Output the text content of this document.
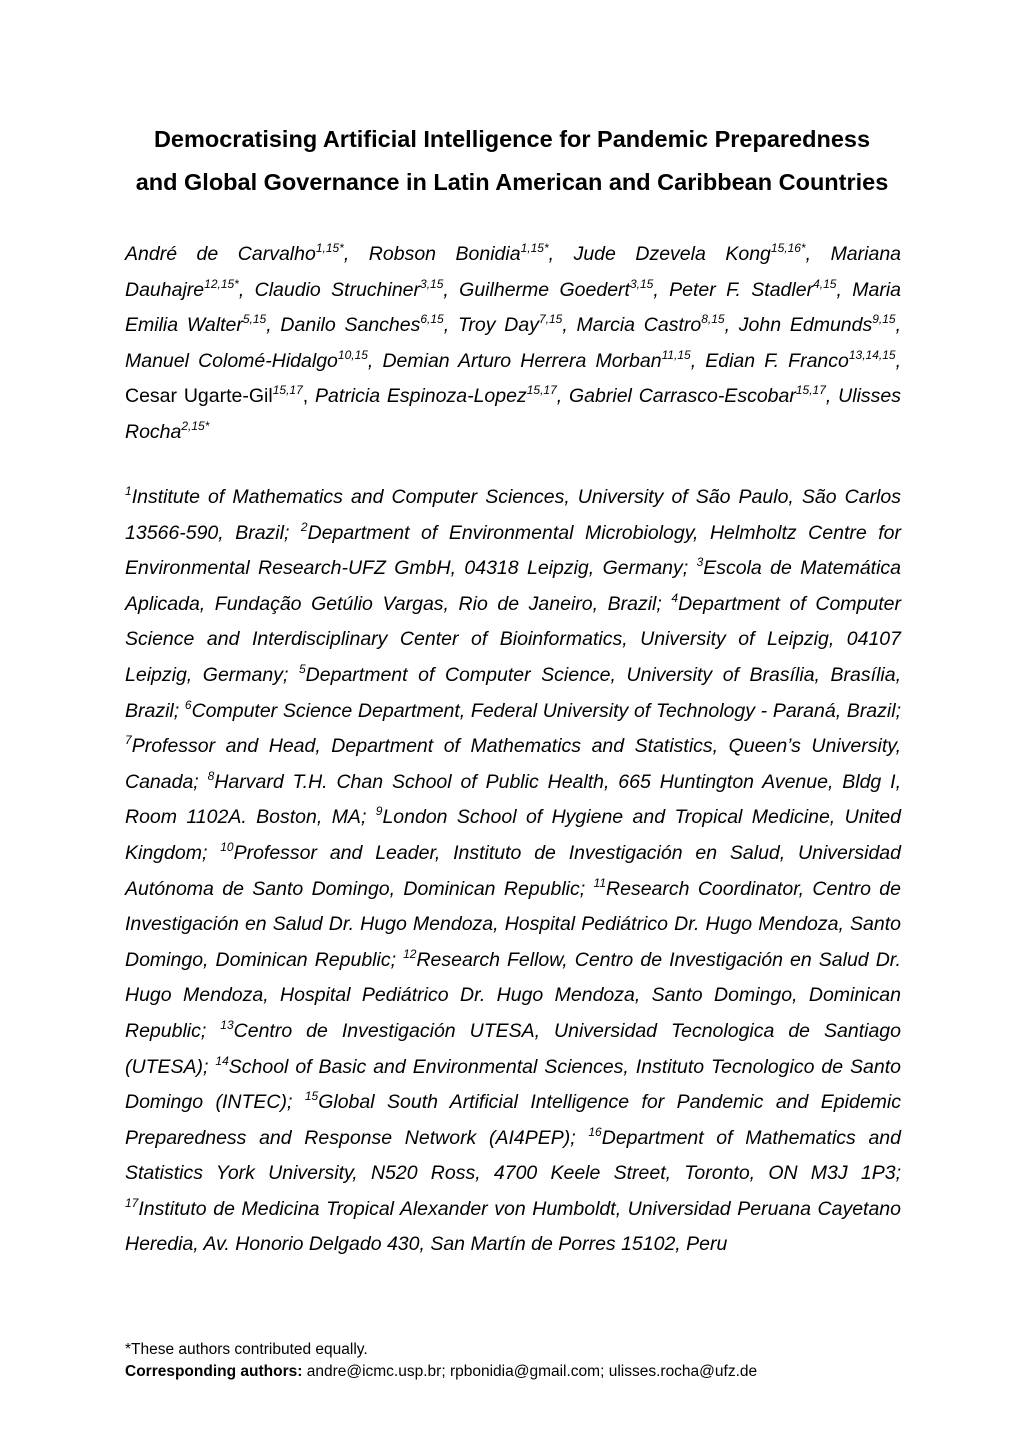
Democratising Artificial Intelligence for Pandemic Preparedness
and Global Governance in Latin American and Caribbean Countries
André de Carvalho$^{1,15*}$, Robson Bonidia$^{1,15*}$, Jude Dzevela Kong$^{15,16*}$, Mariana Dauhajre$^{12,15*}$, Claudio Struchiner$^{3,15}$, Guilherme Goedert$^{3,15}$, Peter F. Stadler$^{4,15}$, Maria Emilia Walter$^{5,15}$, Danilo Sanches$^{6,15}$, Troy Day$^{7,15}$, Marcia Castro$^{8,15}$, John Edmunds$^{9,15}$, Manuel Colomé-Hidalgo$^{10,15}$, Demian Arturo Herrera Morban$^{11,15}$, Edian F. Franco$^{13,14,15}$, Cesar Ugarte-Gil$^{15,17}$, Patricia Espinoza-Lopez$^{15,17}$, Gabriel Carrasco-Escobar$^{15,17}$, Ulisses Rocha$^{2,15*}$
$^1$Institute of Mathematics and Computer Sciences, University of São Paulo, São Carlos 13566-590, Brazil; $^2$Department of Environmental Microbiology, Helmholtz Centre for Environmental Research-UFZ GmbH, 04318 Leipzig, Germany; $^3$Escola de Matemática Aplicada, Fundação Getúlio Vargas, Rio de Janeiro, Brazil; $^4$Department of Computer Science and Interdisciplinary Center of Bioinformatics, University of Leipzig, 04107 Leipzig, Germany; $^5$Department of Computer Science, University of Brasília, Brasília, Brazil; $^6$Computer Science Department, Federal University of Technology - Paraná, Brazil; $^7$Professor and Head, Department of Mathematics and Statistics, Queen’s University, Canada; $^8$Harvard T.H. Chan School of Public Health, 665 Huntington Avenue, Bldg I, Room 1102A. Boston, MA; $^9$London School of Hygiene and Tropical Medicine, United Kingdom; $^{10}$Professor and Leader, Instituto de Investigación en Salud, Universidad Autónoma de Santo Domingo, Dominican Republic; $^{11}$Research Coordinator, Centro de Investigación en Salud Dr. Hugo Mendoza, Hospital Pediátrico Dr. Hugo Mendoza, Santo Domingo, Dominican Republic; $^{12}$Research Fellow, Centro de Investigación en Salud Dr. Hugo Mendoza, Hospital Pediátrico Dr. Hugo Mendoza, Santo Domingo, Dominican Republic; $^{13}$Centro de Investigación UTESA, Universidad Tecnologica de Santiago (UTESA); $^{14}$School of Basic and Environmental Sciences, Instituto Tecnologico de Santo Domingo (INTEC); $^{15}$Global South Artificial Intelligence for Pandemic and Epidemic Preparedness and Response Network (AI4PEP); $^{16}$Department of Mathematics and Statistics York University, N520 Ross, 4700 Keele Street, Toronto, ON M3J 1P3; $^{17}$Instituto de Medicina Tropical Alexander von Humboldt, Universidad Peruana Cayetano Heredia, Av. Honorio Delgado 430, San Martín de Porres 15102, Peru
*These authors contributed equally.
Corresponding authors: andre@icmc.usp.br; rpbonidia@gmail.com; ulisses.rocha@ufz.de
